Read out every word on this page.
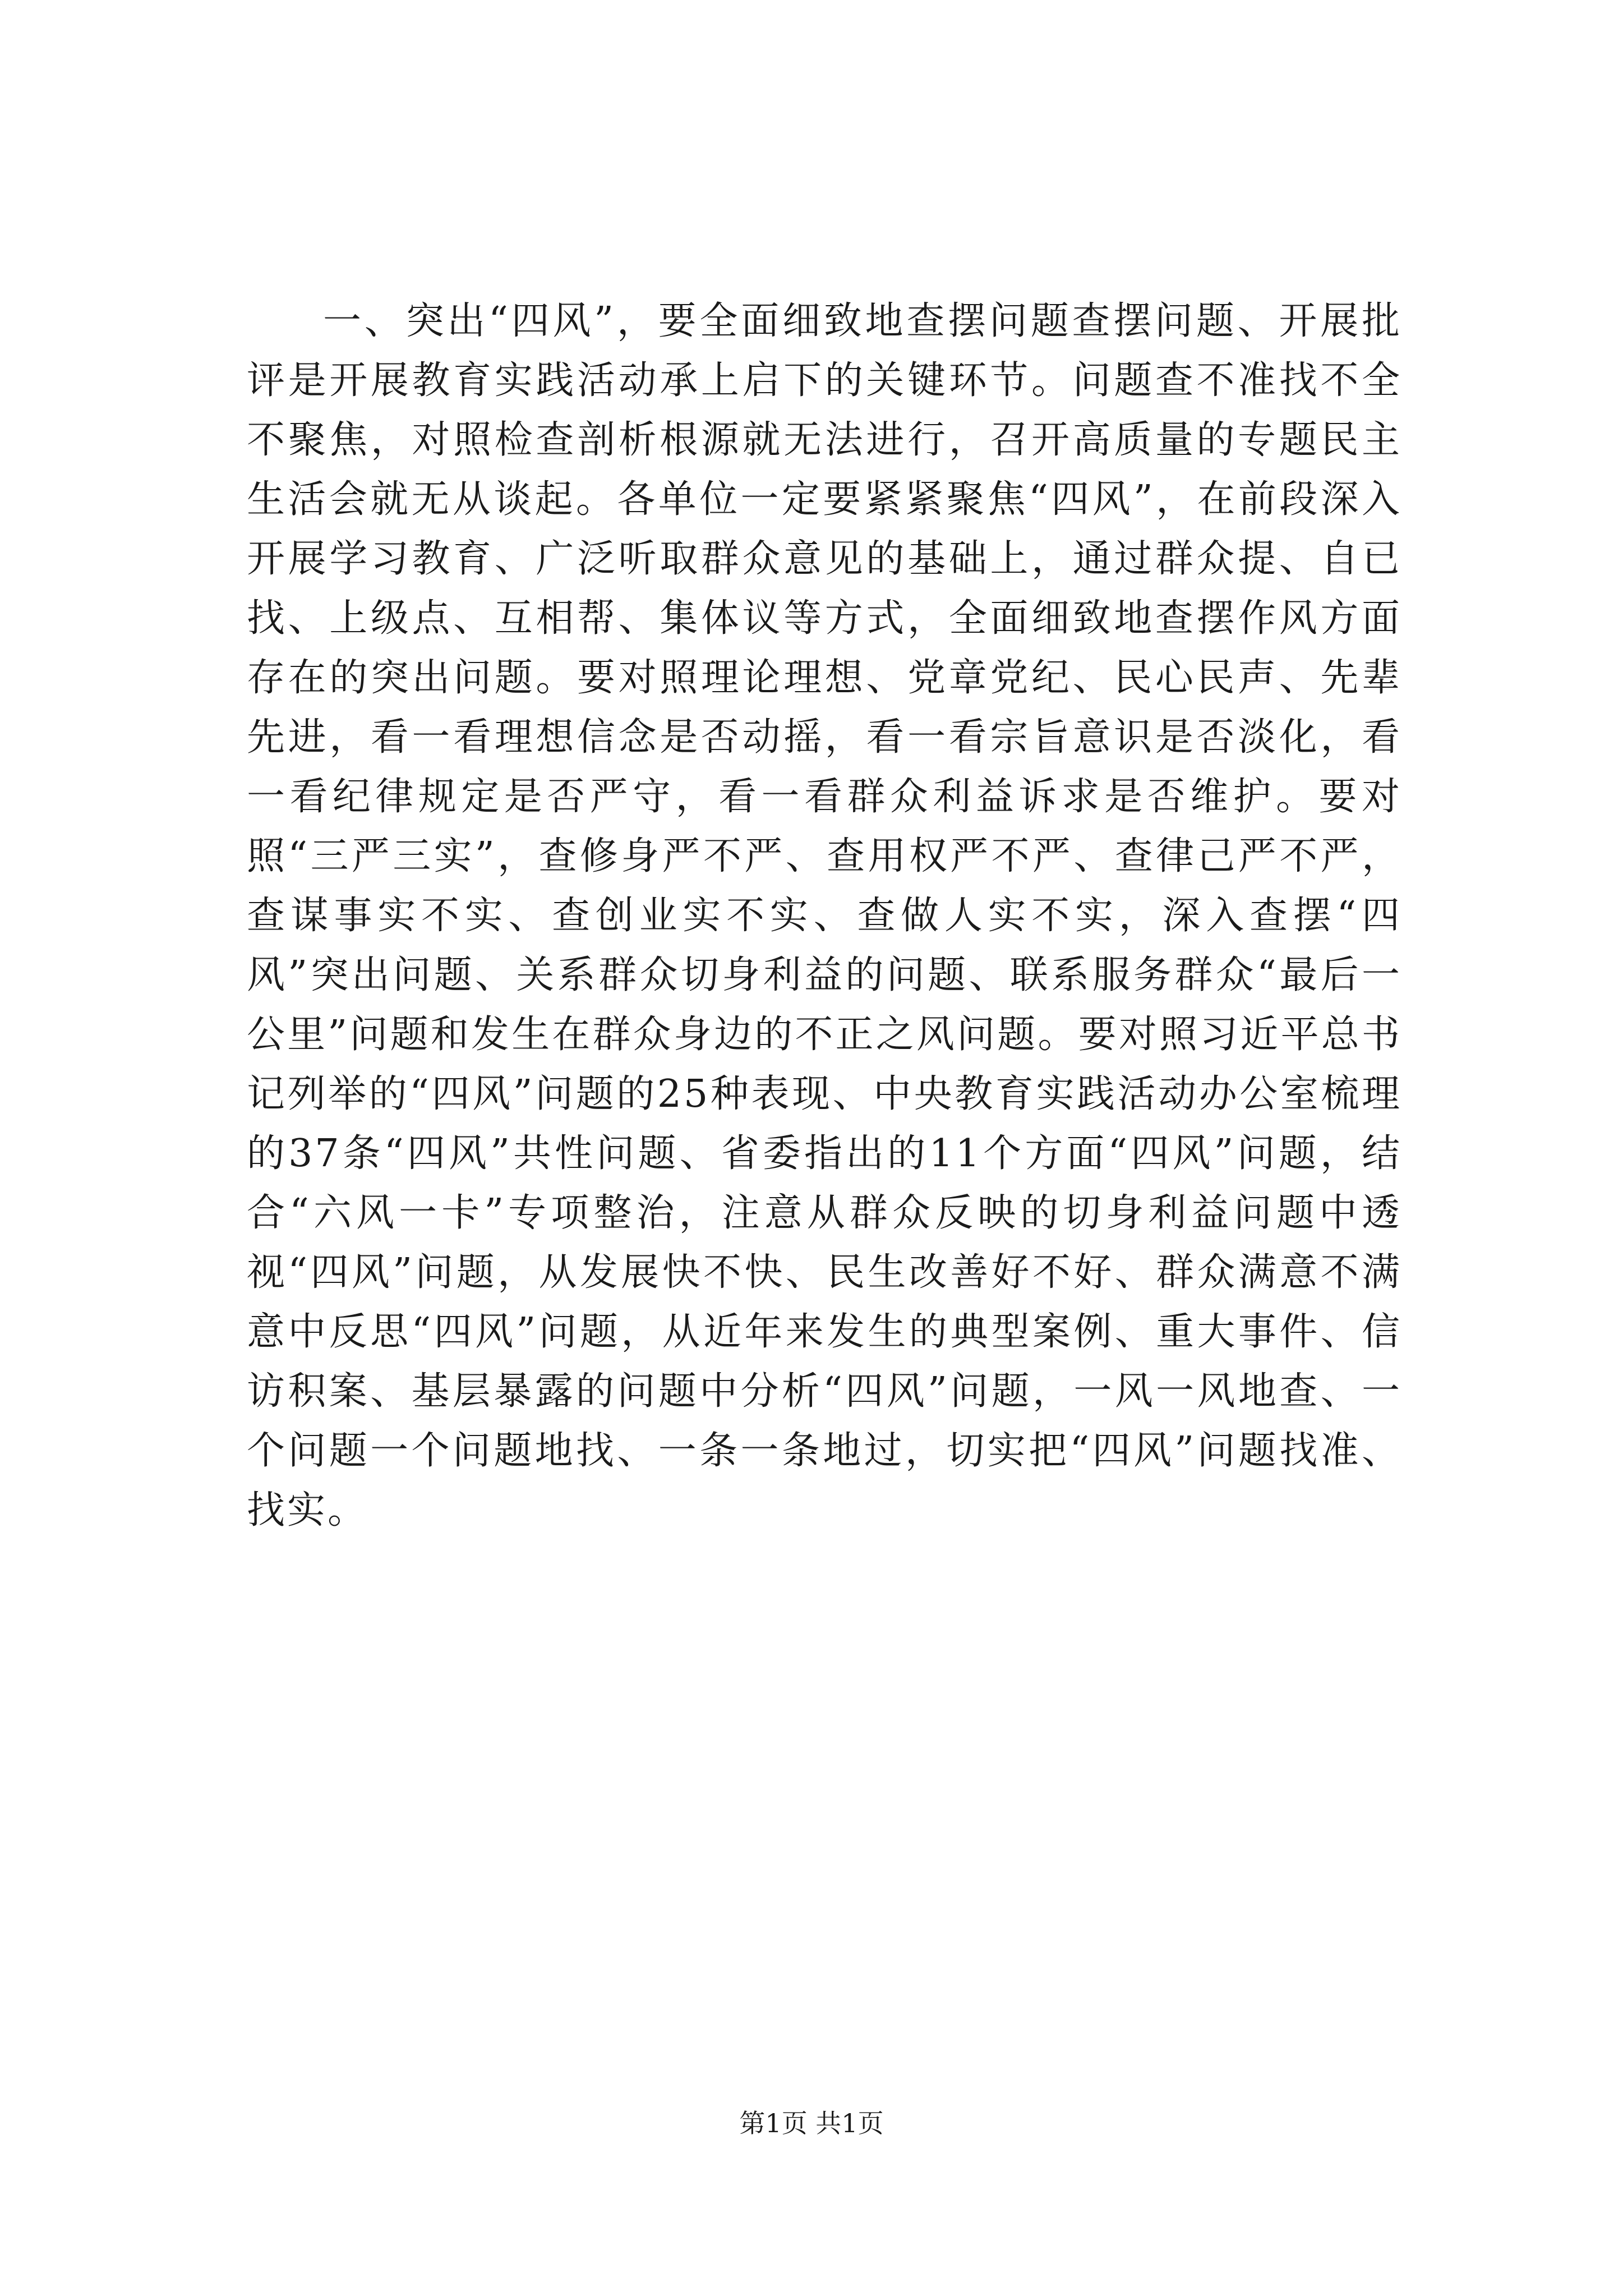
一、突出“四风”，要全面细致地查摆问题查摆问题、开展批评是开展教育实践活动承上启下的关键环节。问题查不准找不全不聚焦，对照检查剖析根源就无法进行，召开高质量的专题民主生活会就无从谈起。各单位一定要紧紧聚焦“四风”，在前段深入开展学习教育、广泛听取群众意见的基础上，通过群众提、自已找、上级点、互相帮、集体议等方式，全面细致地查摆作风方面存在的突出问题。要对照理论理想、党章党纪、民心民声、先辈先进，看一看理想信念是否动摇，看一看宗旨意识是否淡化，看一看纪律规定是否严守，看一看群众利益诉求是否维护。要对照“三严三实”，查修身严不严、查用权严不严、查律己严不严，查谋事实不实、查创业实不实、查做人实不实，深入查摆“四风”突出问题、关系群众切身利益的问题、联系服务群众“最后一公里”问题和发生在群众身边的不正之风问题。要对照习近平总书记列举的“四风”问题的25种表现、中央教育实践活动办公室梳理的37条“四风”共性问题、省委指出的11个方面“四风”问题，结合“六风一卡”专项整治，注意从群众反映的切身利益问题中透视“四风”问题，从发展快不快、民生改善好不好、群众满意不满意中反思“四风”问题，从近年来发生的典型案例、重大事件、信访积案、基层暴露的问题中分析“四风”问题，一风一风地查、一个问题一个问题地找、一条一条地过，切实把“四风”问题找准、找实。

第1页 共1页
